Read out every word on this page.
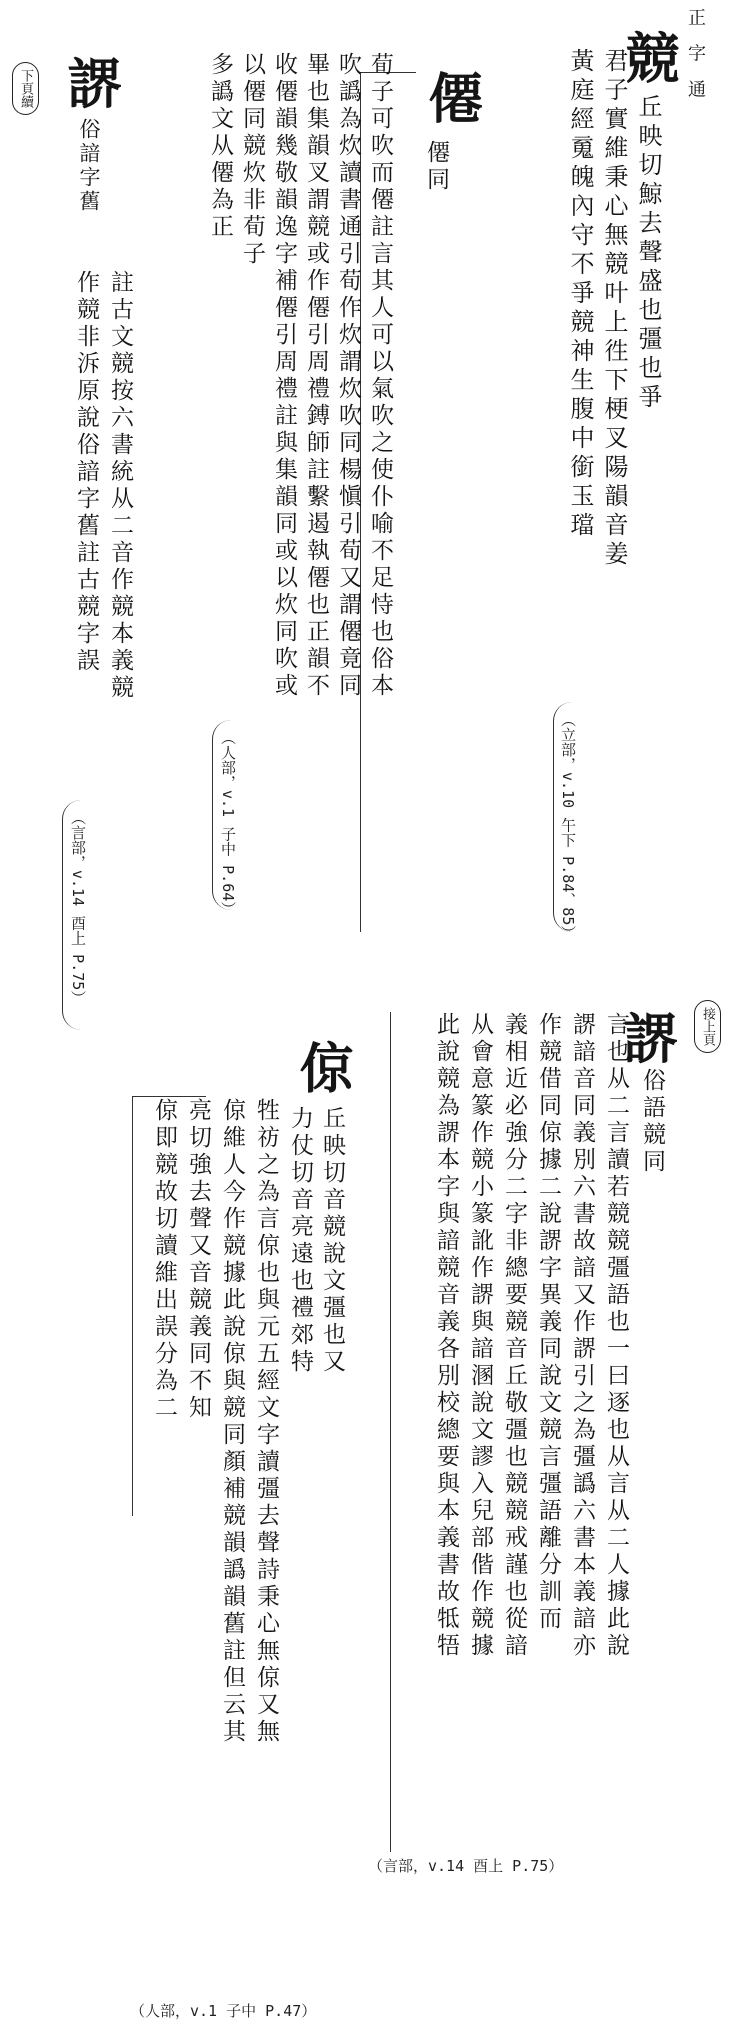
正 字 通
競
丘映切鯨去聲盛也彊也爭
君子實維秉心無競叶上徃下梗叉陽韻音姜
黃庭經䰟魄內守不爭競神生腹中銜玉璫
（立部，v.10 午下 P.84、85）
僊
僊同
荀子可吹而僊註言其人可以氣吹之使仆喻不足恃也俗本
吹譌為炊讀書通引荀作炊謂炊吹同楊愼引荀又謂僊竟同
畢也集韻叉謂競或作僊引周禮鎛師註繫遏執僊也正韻不
收僊韻幾敬韻逸字補僊引周禮註與集韻同或以炊同吹或
以僊同競炊非荀子
多譌文从僊為正
（人部，v.1 子中 P.64）
下頁續 䛺
俗諳字舊
註古文競按六書統从二音作競本義競
作競非泝原說俗諳字舊註古競字誤
（言部，v.14 酉上 P.75）
接上頁
䛺
俗語競同
言也从二言讀若競競彊語也一曰逐也从言从二人據此說
䛺諳音同義別六書故諳又作䛺引之為彊譌六書本義諳亦
作競借同倞據二說䛺字異義同說文競言彊語離分訓而
義相近必強分二字非總要競音丘敬彊也競競戒謹也從諳
从會意篆作競小篆訛作䛺與諳溷說文謬入兒部偕作競據
此說競為䛺本字與諳競音義各別校總要與本義書故牴牾
（言部，v.14 酉上 P.75）
倞
丘映切音競說文彊也又
力仗切音亮遠也禮郊特
牲祊之為言倞也與元五經文字讀彊去聲詩秉心無倞又無
倞維人今作競據此說倞與競同顏補競韻譌韻舊註但云其
亮切強去聲又音競義同不知
倞即競故切讀維出誤分為二
（人部，v.1 子中 P.47）
